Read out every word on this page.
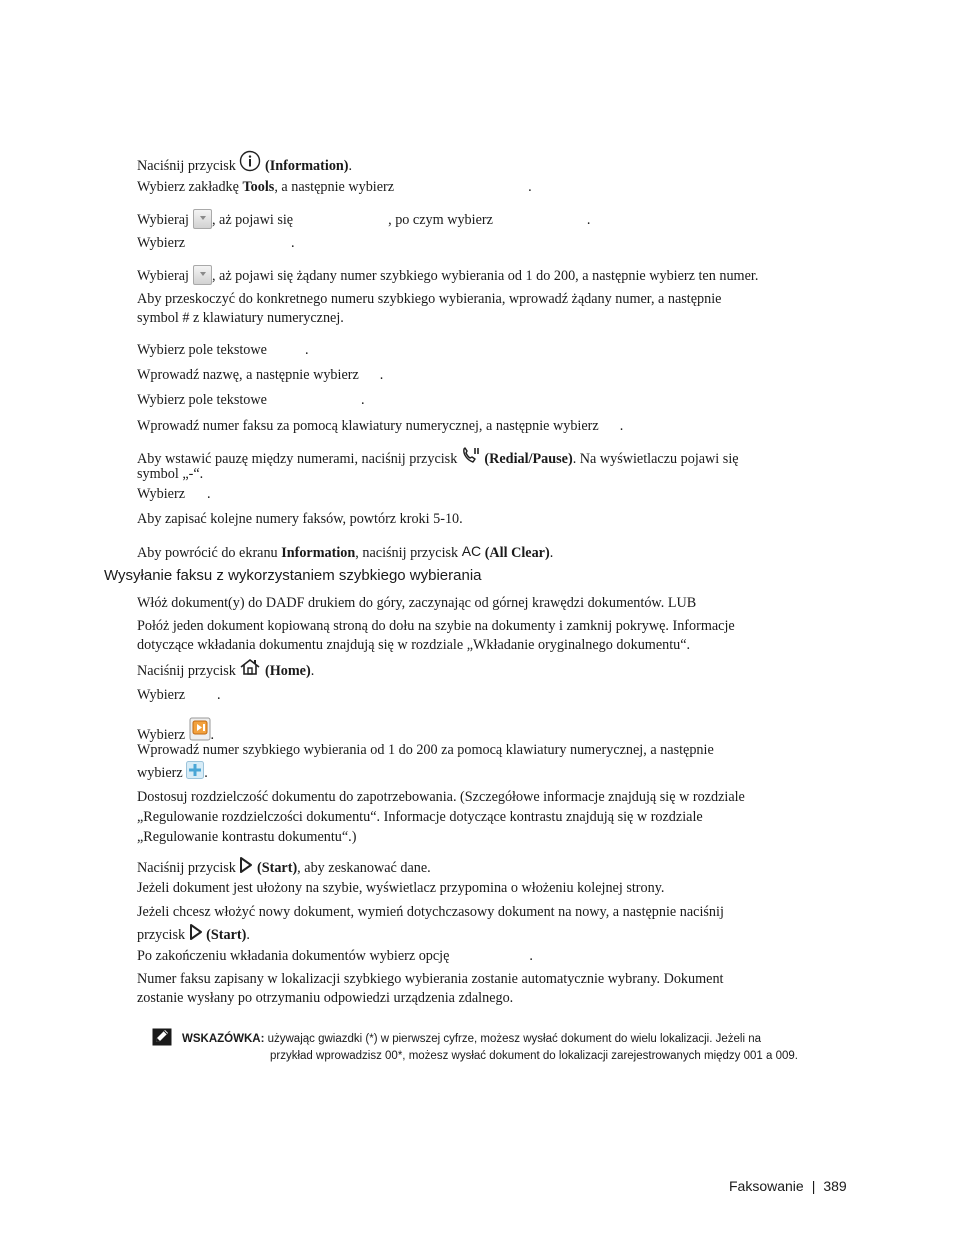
Naciśnij przycisk (Information).
Wybierz zakładkę Tools, a następnie wybierz	.
Wybieraj , aż pojawi się	, po czym wybierz	.
Wybierz	.
Wybieraj , aż pojawi się żądany numer szybkiego wybierania od 1 do 200, a następnie wybierz ten numer.
Aby przeskoczyć do konkretnego numeru szybkiego wybierania, wprowadź żądany numer, a następnie
symbol # z klawiatury numerycznej.
Wybierz pole tekstowe	.
Wprowadź nazwę, a następnie wybierz .
Wybierz pole tekstowe	.
Wprowadź numer faksu za pomocą klawiatury numerycznej, a następnie wybierz .
Aby wstawić pauzę między numerami, naciśnij przycisk (Redial/Pause). Na wyświetlaczu pojawi się
symbol „-“.
Wybierz .
Aby zapisać kolejne numery faksów, powtórz kroki 5-10.
Aby powrócić do ekranu Information, naciśnij przycisk AC (All Clear).
Wysyłanie faksu z wykorzystaniem szybkiego wybierania
Włóż dokument(y) do DADF drukiem do góry, zaczynając od górnej krawędzi dokumentów. LUB
Połóż jeden dokument kopiowaną stroną do dołu na szybie na dokumenty i zamknij pokrywę. Informacje
dotyczące wkładania dokumentu znajdują się w rozdziale „Wkładanie oryginalnego dokumentu“.
Naciśnij przycisk (Home).
Wybierz .
Wybierz .
Wprowadź numer szybkiego wybierania od 1 do 200 za pomocą klawiatury numerycznej, a następnie
wybierz .
Dostosuj rozdzielczość dokumentu do zapotrzebowania. (Szczegółowe informacje znajdują się w rozdziale
„Regulowanie rozdzielczości dokumentu“. Informacje dotyczące kontrastu znajdują się w rozdziale
„Regulowanie kontrastu dokumentu“.)
Naciśnij przycisk (Start), aby zeskanować dane.
Jeżeli dokument jest ułożony na szybie, wyświetlacz przypomina o włożeniu kolejnej strony.
Jeżeli chcesz włożyć nowy dokument, wymień dotychczasowy dokument na nowy, a następnie naciśnij
przycisk (Start).
Po zakończeniu wkładania dokumentów wybierz opcję	.
Numer faksu zapisany w lokalizacji szybkiego wybierania zostanie automatycznie wybrany. Dokument
zostanie wysłany po otrzymaniu odpowiedzi urządzenia zdalnego.
WSKAZÓWKA: używając gwiazdki (*) w pierwszej cyfrze, możesz wysłać dokument do wielu lokalizacji. Jeżeli na
przykład wprowadzisz 00*, możesz wysłać dokument do lokalizacji zarejestrowanych między 001 a 009.
Faksowanie | 389
